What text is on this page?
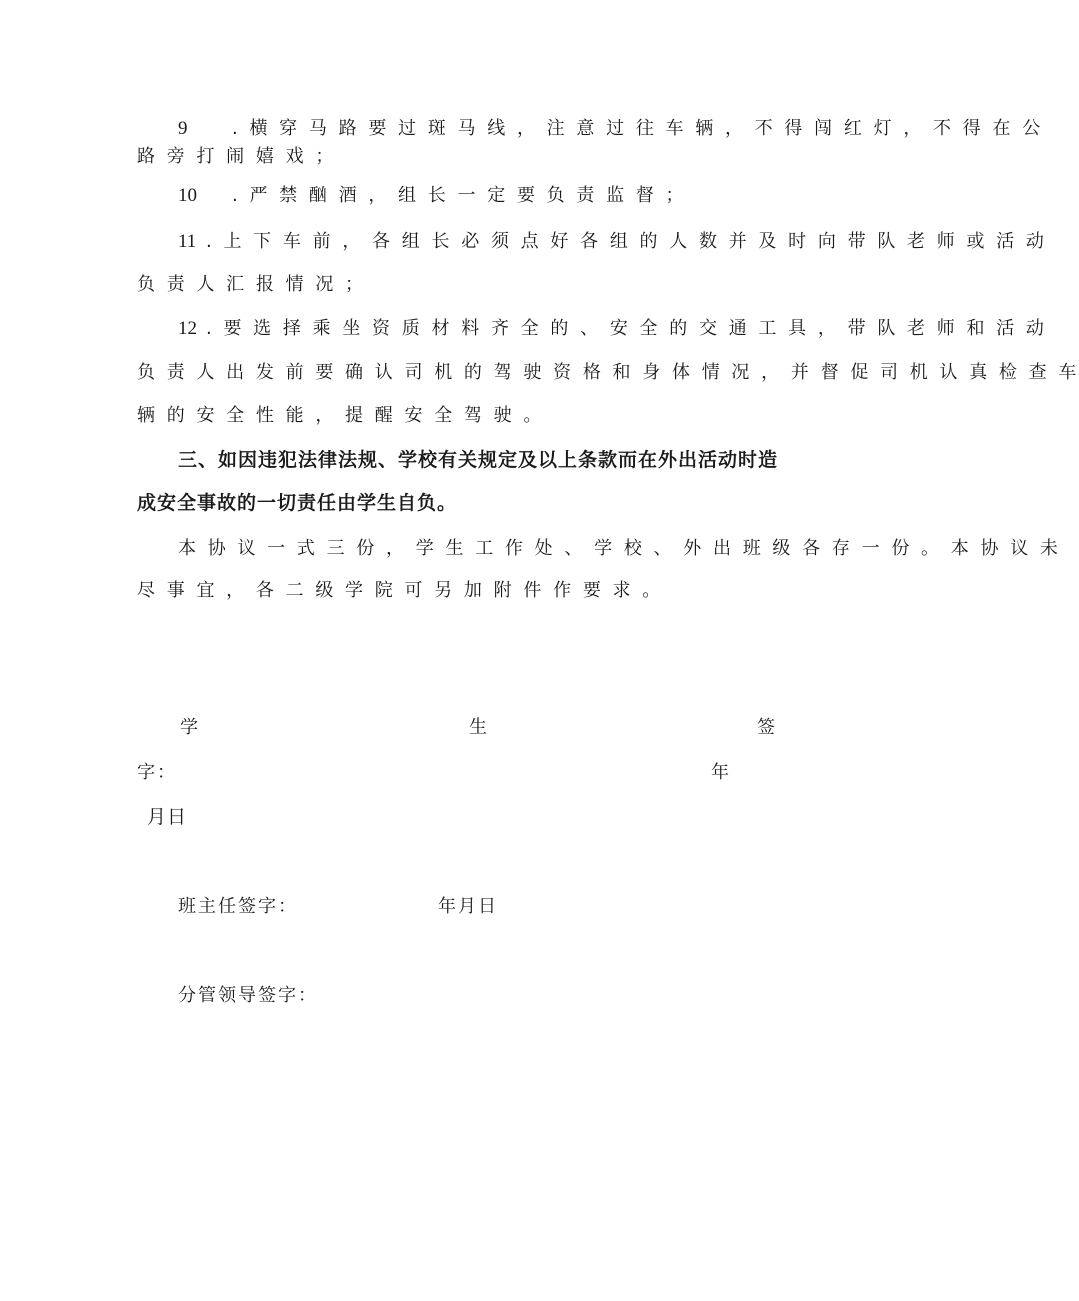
9 . 横 穿 马 路 要 过 斑 马 线 ， 注 意 过 往 车 辆 ， 不 得 闯 红 灯 ， 不 得 在 公
路 旁 打 闹 嬉 戏 ；
10 . 严 禁 酗 酒 ， 组 长 一 定 要 负 责 监 督 ；
11 . 上 下 车 前 ， 各 组 长 必 须 点 好 各 组 的 人 数 并 及 时 向 带 队 老 师 或 活 动
负 责 人 汇 报 情 况 ；
12 . 要 选 择 乘 坐 资 质 材 料 齐 全 的 、 安 全 的 交 通 工 具 ， 带 队 老 师 和 活 动
负 责 人 出 发 前 要 确 认 司 机 的 驾 驶 资 格 和 身 体 情 况 ， 并 督 促 司 机 认 真 检 查 车
辆 的 安 全 性 能 ， 提 醒 安 全 驾 驶 。
三、如因违犯法律法规、学校有关规定及以上条款而在外出活动时造
成安全事故的一切责任由学生自负。
本 协 议 一 式 三 份 ， 学 生 工 作 处 、 学 校 、 外 出 班 级 各 存 一 份 。 本 协 议 未
尽 事 宜 ， 各 二 级 学 院 可 另 加 附 件 作 要 求 。
学	生	签
字：	年
月日
班主任签字：	年月日
分管领导签字：
